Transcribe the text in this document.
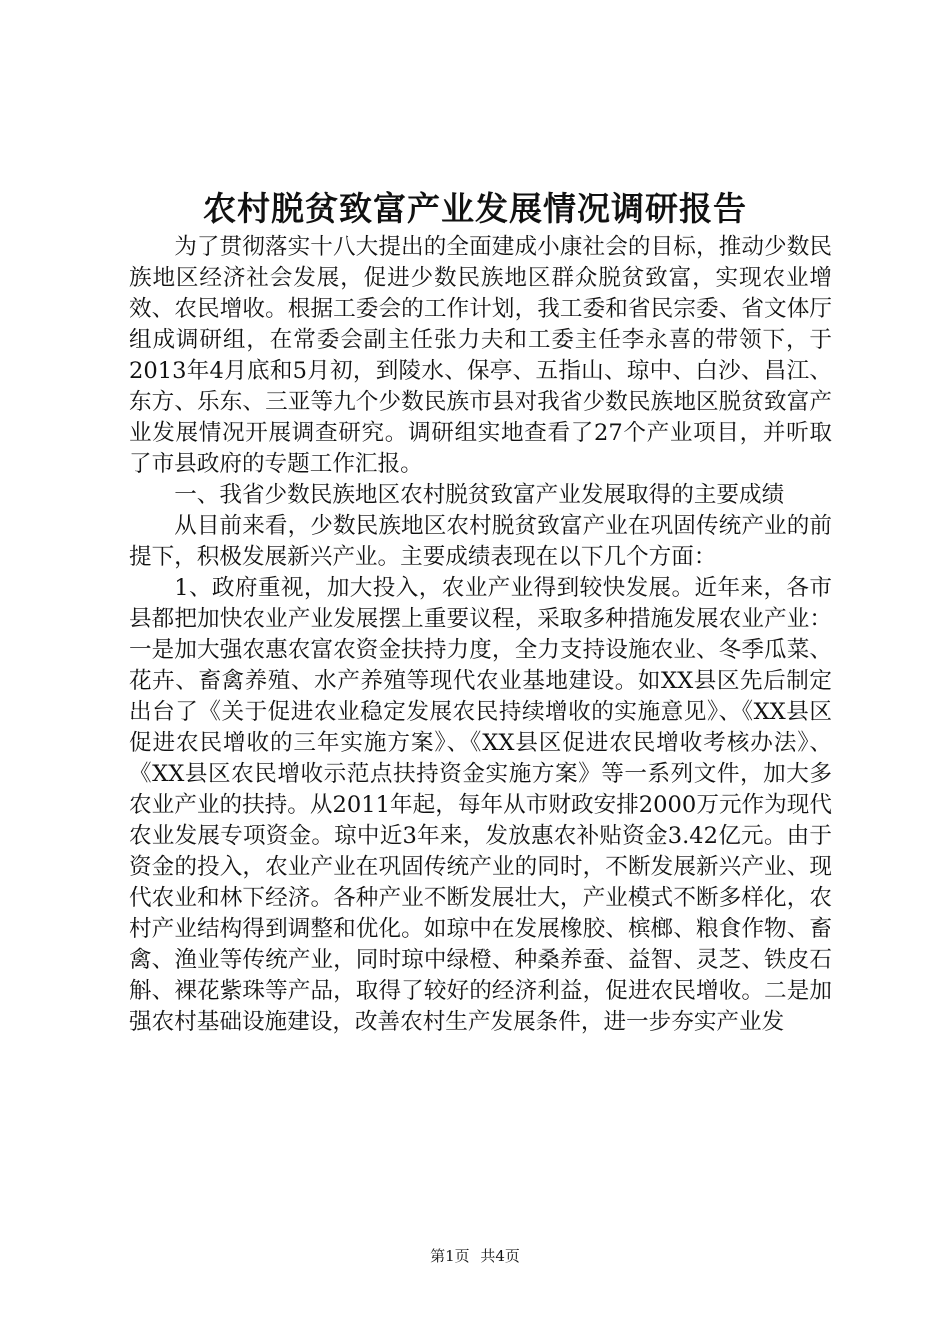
农村脱贫致富产业发展情况调研报告

为了贯彻落实十八大提出的全面建成小康社会的目标，推动少数民族地区经济社会发展，促进少数民族地区群众脱贫致富，实现农业增效、农民增收。根据工委会的工作计划，我工委和省民宗委、省文体厅组成调研组，在常委会副主任张力夫和工委主任李永喜的带领下，于2013年4月底和5月初，到陵水、保亭、五指山、琼中、白沙、昌江、东方、乐东、三亚等九个少数民族市县对我省少数民族地区脱贫致富产业发展情况开展调查研究。调研组实地查看了27个产业项目，并听取了市县政府的专题工作汇报。

一、我省少数民族地区农村脱贫致富产业发展取得的主要成绩

从目前来看，少数民族地区农村脱贫致富产业在巩固传统产业的前提下，积极发展新兴产业。主要成绩表现在以下几个方面：

1、政府重视，加大投入，农业产业得到较快发展。近年来，各市县都把加快农业产业发展摆上重要议程，采取多种措施发展农业产业：一是加大强农惠农富农资金扶持力度，全力支持设施农业、冬季瓜菜、花卉、畜禽养殖、水产养殖等现代农业基地建设。如XX县区先后制定出台了《关于促进农业稳定发展农民持续增收的实施意见》、《XX县区促进农民增收的三年实施方案》、《XX县区促进农民增收考核办法》、《XX县区农民增收示范点扶持资金实施方案》等一系列文件，加大多农业产业的扶持。从2011年起，每年从市财政安排2000万元作为现代农业发展专项资金。琼中近3年来，发放惠农补贴资金3.42亿元。由于资金的投入，农业产业在巩固传统产业的同时，不断发展新兴产业、现代农业和林下经济。各种产业不断发展壮大，产业模式不断多样化，农村产业结构得到调整和优化。如琼中在发展橡胶、槟榔、粮食作物、畜禽、渔业等传统产业，同时琼中绿橙、种桑养蚕、益智、灵芝、铁皮石斛、裸花紫珠等产品，取得了较好的经济利益，促进农民增收。二是加强农村基础设施建设，改善农村生产发展条件，进一步夯实产业发

第1页 共4页
